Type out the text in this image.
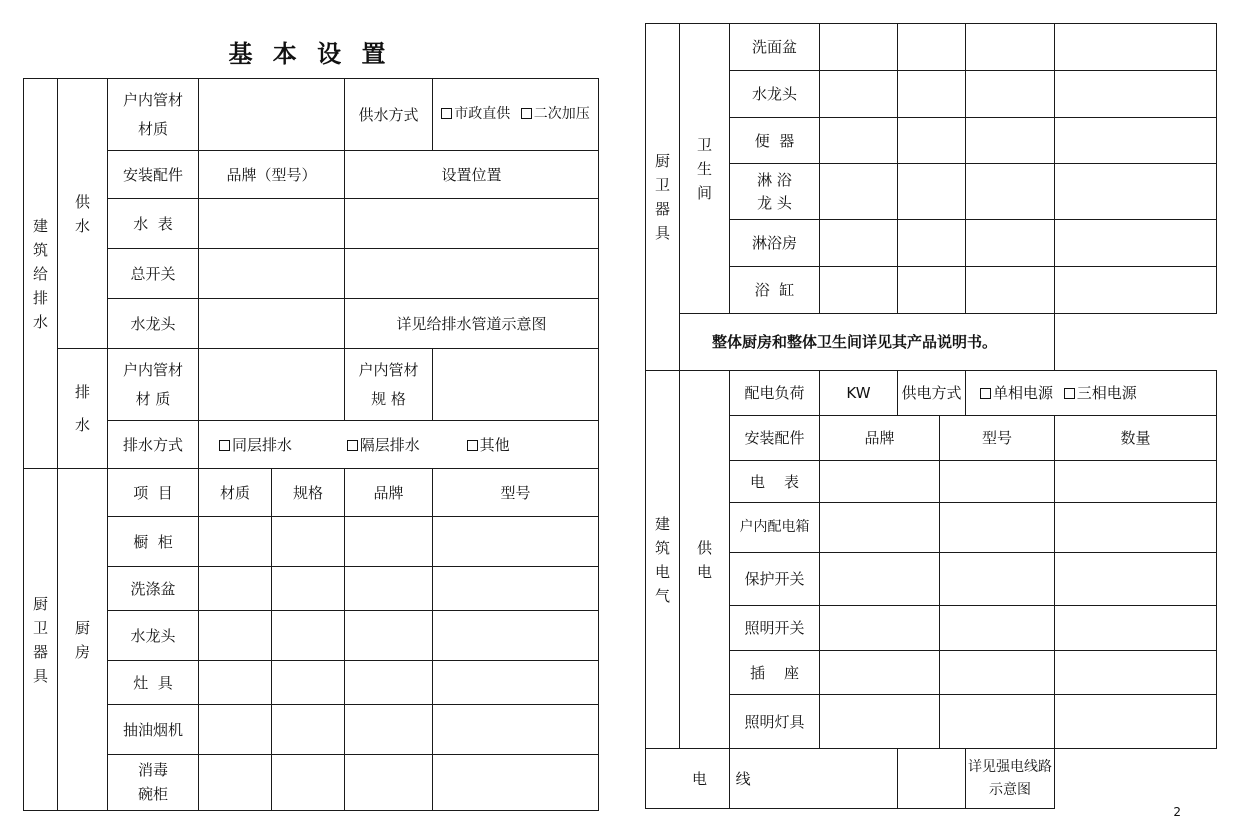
基 本 设 置
建
筑
给
排
水	供
水	户内管材
材质			供水方式	市政直供 二次加压
		安装配件	品牌（型号）		设置位置	
		水  表				
		总开关				
		水龙头			详见给排水管道示意图	

	排

水	户内管材
材 质			户内管材
规 格	

		排水方式	同层排水 隔层排水 其他			

厨
卫
器
具	厨
房	项  目	材质	规格	品牌	型号
		橱  柜				
		洗涤盆				
		水龙头				
		灶  具				
		抽油烟机				

		消毒
碗柜				

厨
卫
器
具	卫
生
间	洗面盆					
		水龙头					
		便  器					

		淋 浴
龙 头					

		淋浴房					
		浴  缸					
	整体厨房和整体卫生间详见其产品说明书。						

建
筑
电
气	供
电	配电负荷	KW	供电方式		单相电源 三相电源	
		安装配件	品牌		型号		数量
		电    表					
		户内配电箱					
		保护开关					
		照明开关					
		插    座					
		照明灯具					
电      线						详见强电线路示意图	
2
